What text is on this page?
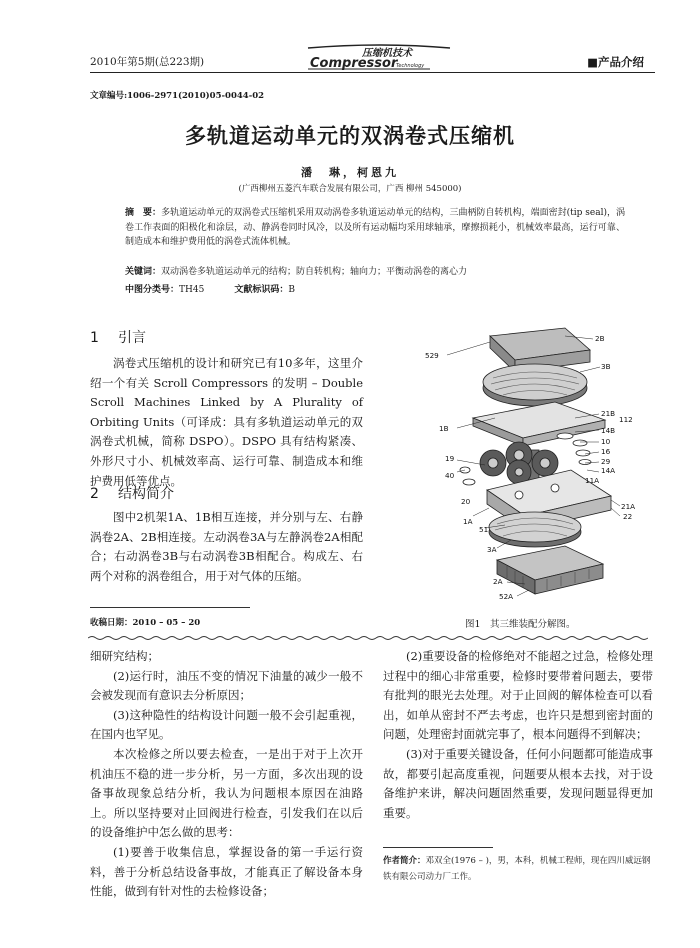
2010年第5期(总223期)
压缩机技术
Compressor
Technology	■产品介绍
文章编号:1006-2971(2010)05-0044-02
多轨道运动单元的双涡卷式压缩机
潘　琳，柯恩九
(广西柳州五菱汽车联合发展有限公司，广西 柳州 545000)
摘　要：多轨道运动单元的双涡卷式压缩机采用双动涡卷多轨道运动单元的结构，三曲柄防自转机构，端面密封(tip seal)，涡卷工作表面的阳极化和涂层，动、静涡卷同时风冷，以及所有运动幅均采用球轴承，摩擦损耗小，机械效率最高，运行可靠、制造成本和维护费用低的涡卷式流体机械。
关键词：双动涡卷多轨道运动单元的结构；防自转机构；轴向力；平衡动涡卷的离心力
中图分类号：TH45	文献标识码：B
1 引言

涡卷式压缩机的设计和研究已有10多年，这里介绍一个有关 Scroll Compressors 的发明 – Double Scroll Machines Linked by A Plurality of Orbiting Units（可译成：具有多轨道运动单元的双涡卷式机械，简称 DSPO）。DSPO 具有结构紧凑、外形尺寸小、机械效率高、运行可靠、制造成本和维护费用低等优点。

2 结构简介

图中2机架1A、1B相互连接，并分别与左、右静涡卷2A、2B相连接。左动涡卷3A与左静涡卷2A相配合；右动涡卷3B与右动涡卷3B相配合。构成左、右两个对称的涡卷组合，用于对气体的压缩。

收稿日期：2010 – 05 – 20
2B
529
3B
21B
112
1B	14B
10
16
29
19
14A
11A
40
21A
20
22
1A
51
3A
2A
52A
图1　其三维装配分解图。

细研究结构；

(2)运行时，油压不变的情况下油量的减少一般不会被发现而有意识去分析原因；

(3)这种隐性的结构设计问题一般不会引起重视，在国内也罕见。

本次检修之所以要去检查，一是出于对于上次开机油压不稳的进一步分析，另一方面，多次出现的设备事故现象总结分析，我认为问题根本原因在油路上。所以坚持要对止回阀进行检查，引发我们在以后的设备维护中怎么做的思考：

(1)要善于收集信息，掌握设备的第一手运行资料，善于分析总结设备事故，才能真正了解设备本身性能，做到有针对性的去检修设备；

(2)重要设备的检修绝对不能超之过急，检修处理过程中的细心非常重要，检修时要带着问题去，要带有批判的眼光去处理。对于止回阀的解体检查可以看出，如单从密封不严去考虑，也许只是想到密封面的问题，处理密封面就完事了，根本问题得不到解决；

(3)对于重要关键设备，任何小问题都可能造成事故，都要引起高度重视，问题要从根本去找，对于设备维护来讲，解决问题固然重要，发现问题显得更加重要。

作者简介：邓双全(1976 – )，男，本科，机械工程师，现在四川威远钢铁有限公司动力厂工作。
